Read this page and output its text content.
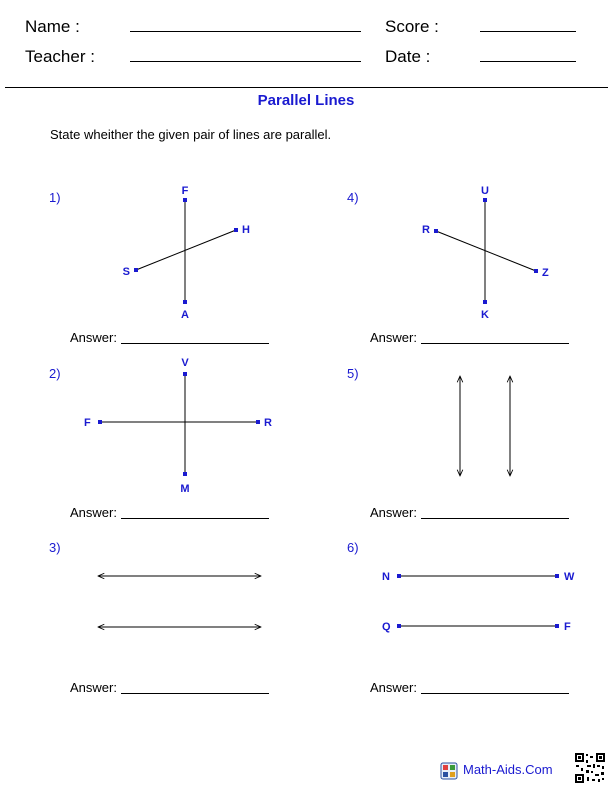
Name :	Score :
Teacher :	Date :
Parallel Lines
State wheither the given pair of lines are parallel.
1)
2)
3)
4)
5)
6)
Answer:
Answer:
Answer:
Answer:
Answer:
Answer:
F
H
S
A
V
F	R
M
U
R
Z
K
N	W
Q	F
Math-Aids.Com
